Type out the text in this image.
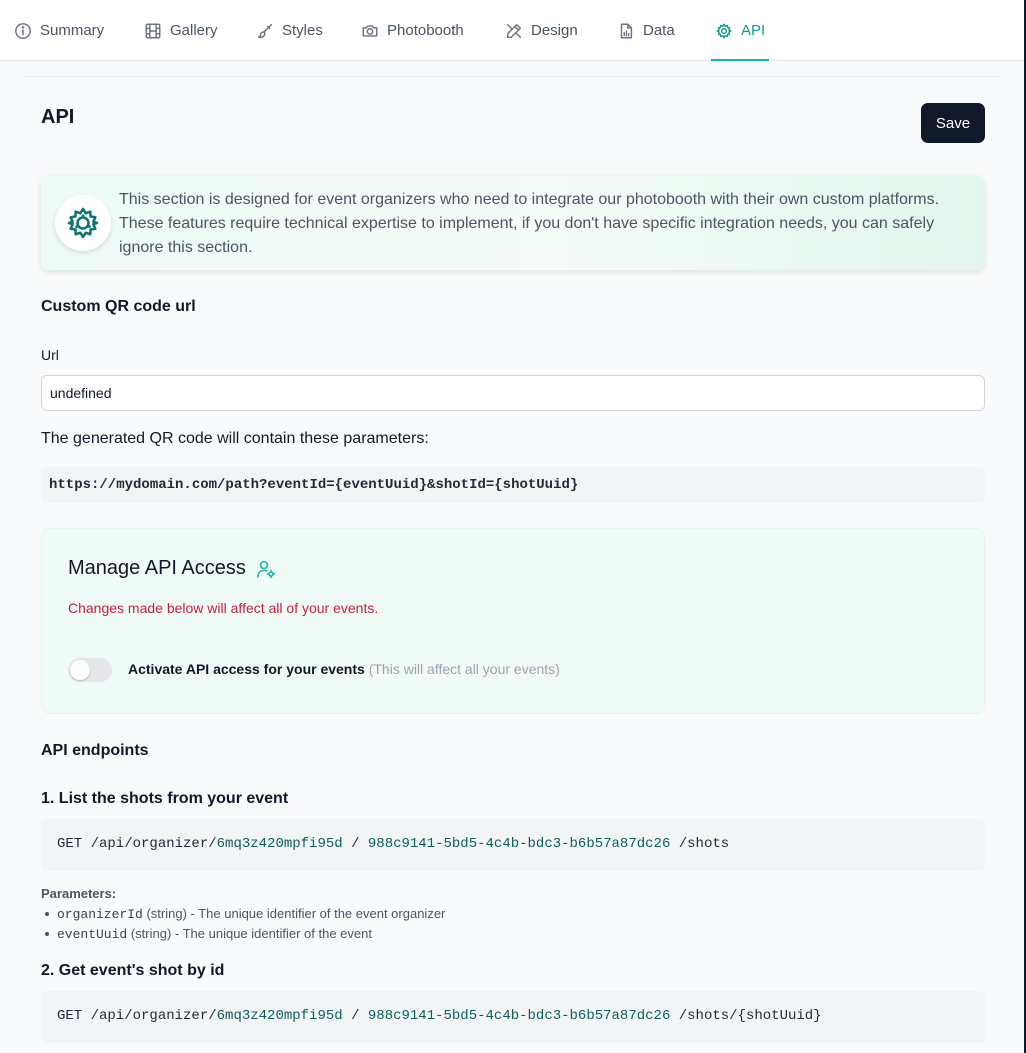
Summary	Gallery	Styles	Photobooth	Design	Data	API
API	Save

This section is designed for event organizers who need to integrate our photobooth with their own custom platforms. These features require technical expertise to implement, if you don't have specific integration needs, you can safely ignore this section.

Custom QR code url
Url
undefined

The generated QR code will contain these parameters:

https://mydomain.com/path?eventId={eventUuid}&shotId={shotUuid}
Manage API Access

Changes made below will affect all of your events.

Activate API access for your events (This will affect all your events)
API endpoints
1. List the shots from your event
GET /api/organizer/6mq3z420mpfi95d / 988c9141-5bd5-4c4b-bdc3-b6b57a87dc26 /shots

Parameters:

organizerId (string) - The unique identifier of the event organizer
eventUuid (string) - The unique identifier of the event
2. Get event's shot by id
GET /api/organizer/6mq3z420mpfi95d / 988c9141-5bd5-4c4b-bdc3-b6b57a87dc26 /shots/{shotUuid}
